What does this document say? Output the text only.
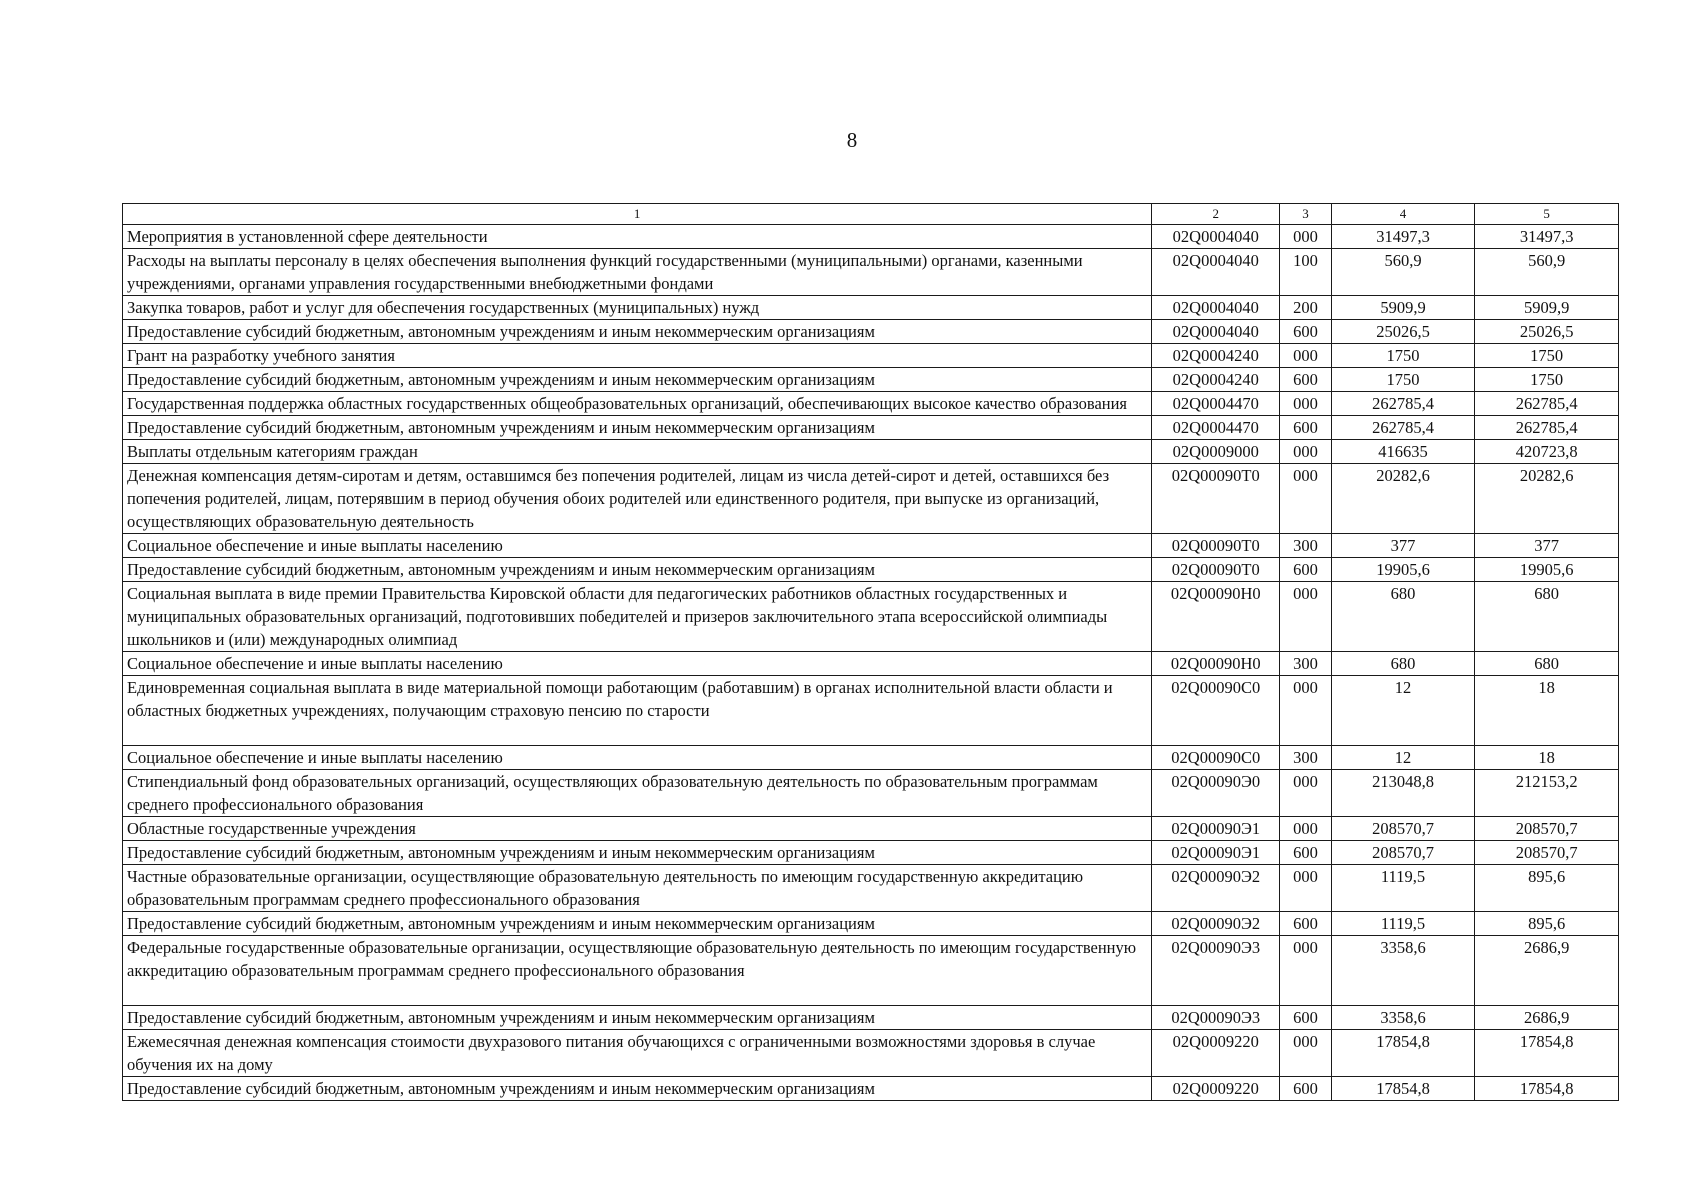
8
1	2	3	4	5
Мероприятия в установленной сфере деятельности	02Q0004040	000	31497,3	31497,3
Расходы на выплаты персоналу в целях обеспечения выполнения функций государственными (муниципальными) органами, казенными учреждениями, органами управления государственными внебюджетными фондами	02Q0004040	100	560,9	560,9
Закупка товаров, работ и услуг для обеспечения государственных (муниципальных) нужд	02Q0004040	200	5909,9	5909,9
Предоставление субсидий бюджетным, автономным учреждениям и иным некоммерческим организациям	02Q0004040	600	25026,5	25026,5
Грант на разработку учебного занятия	02Q0004240	000	1750	1750
Предоставление субсидий бюджетным, автономным учреждениям и иным некоммерческим организациям	02Q0004240	600	1750	1750
Государственная поддержка областных государственных общеобразовательных организаций, обеспечивающих высокое качество образования	02Q0004470	000	262785,4	262785,4
Предоставление субсидий бюджетным, автономным учреждениям и иным некоммерческим организациям	02Q0004470	600	262785,4	262785,4
Выплаты отдельным категориям граждан	02Q0009000	000	416635	420723,8
Денежная компенсация детям-сиротам и детям, оставшимся без попечения родителей, лицам из числа детей-сирот и детей, оставшихся без попечения родителей, лицам, потерявшим в период обучения обоих родителей или единственного родителя, при выпуске из организаций, осуществляющих образовательную деятельность	02Q00090Т0	000	20282,6	20282,6
Социальное обеспечение и иные выплаты населению	02Q00090Т0	300	377	377
Предоставление субсидий бюджетным, автономным учреждениям и иным некоммерческим организациям	02Q00090Т0	600	19905,6	19905,6
Социальная выплата в виде премии Правительства Кировской области для педагогических работников областных государственных и муниципальных образовательных организаций, подготовивших победителей и призеров заключительного этапа всероссийской олимпиады школьников и (или) международных олимпиад	02Q00090Н0	000	680	680
Социальное обеспечение и иные выплаты населению	02Q00090Н0	300	680	680
Единовременная социальная выплата в виде материальной помощи работающим (работавшим) в органах исполнительной власти области и областных бюджетных учреждениях, получающим страховую пенсию по старости	02Q00090С0	000	12	18
Социальное обеспечение и иные выплаты населению	02Q00090С0	300	12	18
Стипендиальный фонд образовательных организаций, осуществляющих образовательную деятельность по образовательным программам среднего профессионального образования	02Q00090Э0	000	213048,8	212153,2
Областные государственные учреждения	02Q00090Э1	000	208570,7	208570,7
Предоставление субсидий бюджетным, автономным учреждениям и иным некоммерческим организациям	02Q00090Э1	600	208570,7	208570,7
Частные образовательные организации, осуществляющие образовательную деятельность по имеющим государственную аккредитацию образовательным программам среднего профессионального образования	02Q00090Э2	000	1119,5	895,6
Предоставление субсидий бюджетным, автономным учреждениям и иным некоммерческим организациям	02Q00090Э2	600	1119,5	895,6
Федеральные государственные образовательные организации, осуществляющие образовательную деятельность по имеющим государственную аккредитацию образовательным программам среднего профессионального образования	02Q00090Э3	000	3358,6	2686,9
Предоставление субсидий бюджетным, автономным учреждениям и иным некоммерческим организациям	02Q00090Э3	600	3358,6	2686,9
Ежемесячная денежная компенсация стоимости двухразового питания обучающихся с ограниченными возможностями здоровья в случае обучения их на дому	02Q0009220	000	17854,8	17854,8
Предоставление субсидий бюджетным, автономным учреждениям и иным некоммерческим организациям	02Q0009220	600	17854,8	17854,8
